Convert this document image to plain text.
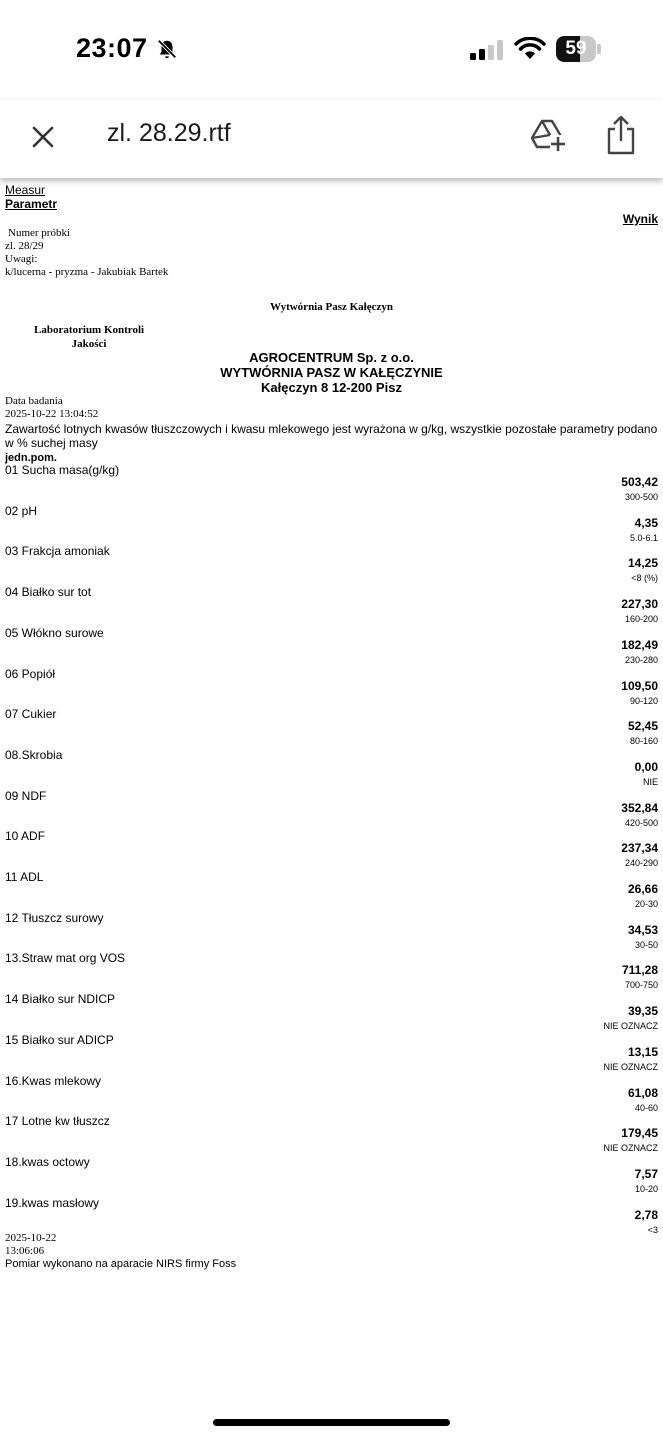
23:07	59
zl. 28.29.rtf
Measur
Parametr
Wynik
Numer próbki
zl. 28/29
Uwagi:
k/lucerna - pryzma - Jakubiak Bartek
Wytwórnia Pasz Kałęczyn
Laboratorium Kontroli
Jakości
AGROCENTRUM Sp. z o.o.
WYTWÓRNIA PASZ W KAŁĘCZYNIE
Kałęczyn 8 12-200 Pisz
Data badania
2025-10-22 13:04:52
Zawartość lotnych kwasów tłuszczowych i kwasu mlekowego jest wyrażona w g/kg, wszystkie pozostałe parametry podano w % suchej masy
jedn.pom.
01 Sucha masa(g/kg)
503,42
300-500
02 pH
4,35
5.0-6.1
03 Frakcja amoniak
14,25
<8 (%)
04 Białko sur tot
227,30
160-200
05 Włókno surowe
182,49
230-280
06 Popiół
109,50
90-120
07 Cukier
52,45
80-160
08.Skrobia
0,00
NIE
09 NDF
352,84
420-500
10 ADF
237,34
240-290
11 ADL
26,66
20-30
12 Tłuszcz surowy
34,53
30-50
13.Straw mat org VOS
711,28
700-750
14 Białko sur NDICP
39,35
NIE OZNACZ
15 Białko sur ADICP
13,15
NIE OZNACZ
16.Kwas mlekowy
61,08
40-60
17 Lotne kw tłuszcz
179,45
NIE OZNACZ
18.kwas octowy
7,57
10-20
19.kwas masłowy
2,78
<3
2025-10-22
13:06:06
Pomiar wykonano na aparacie NIRS firmy Foss
